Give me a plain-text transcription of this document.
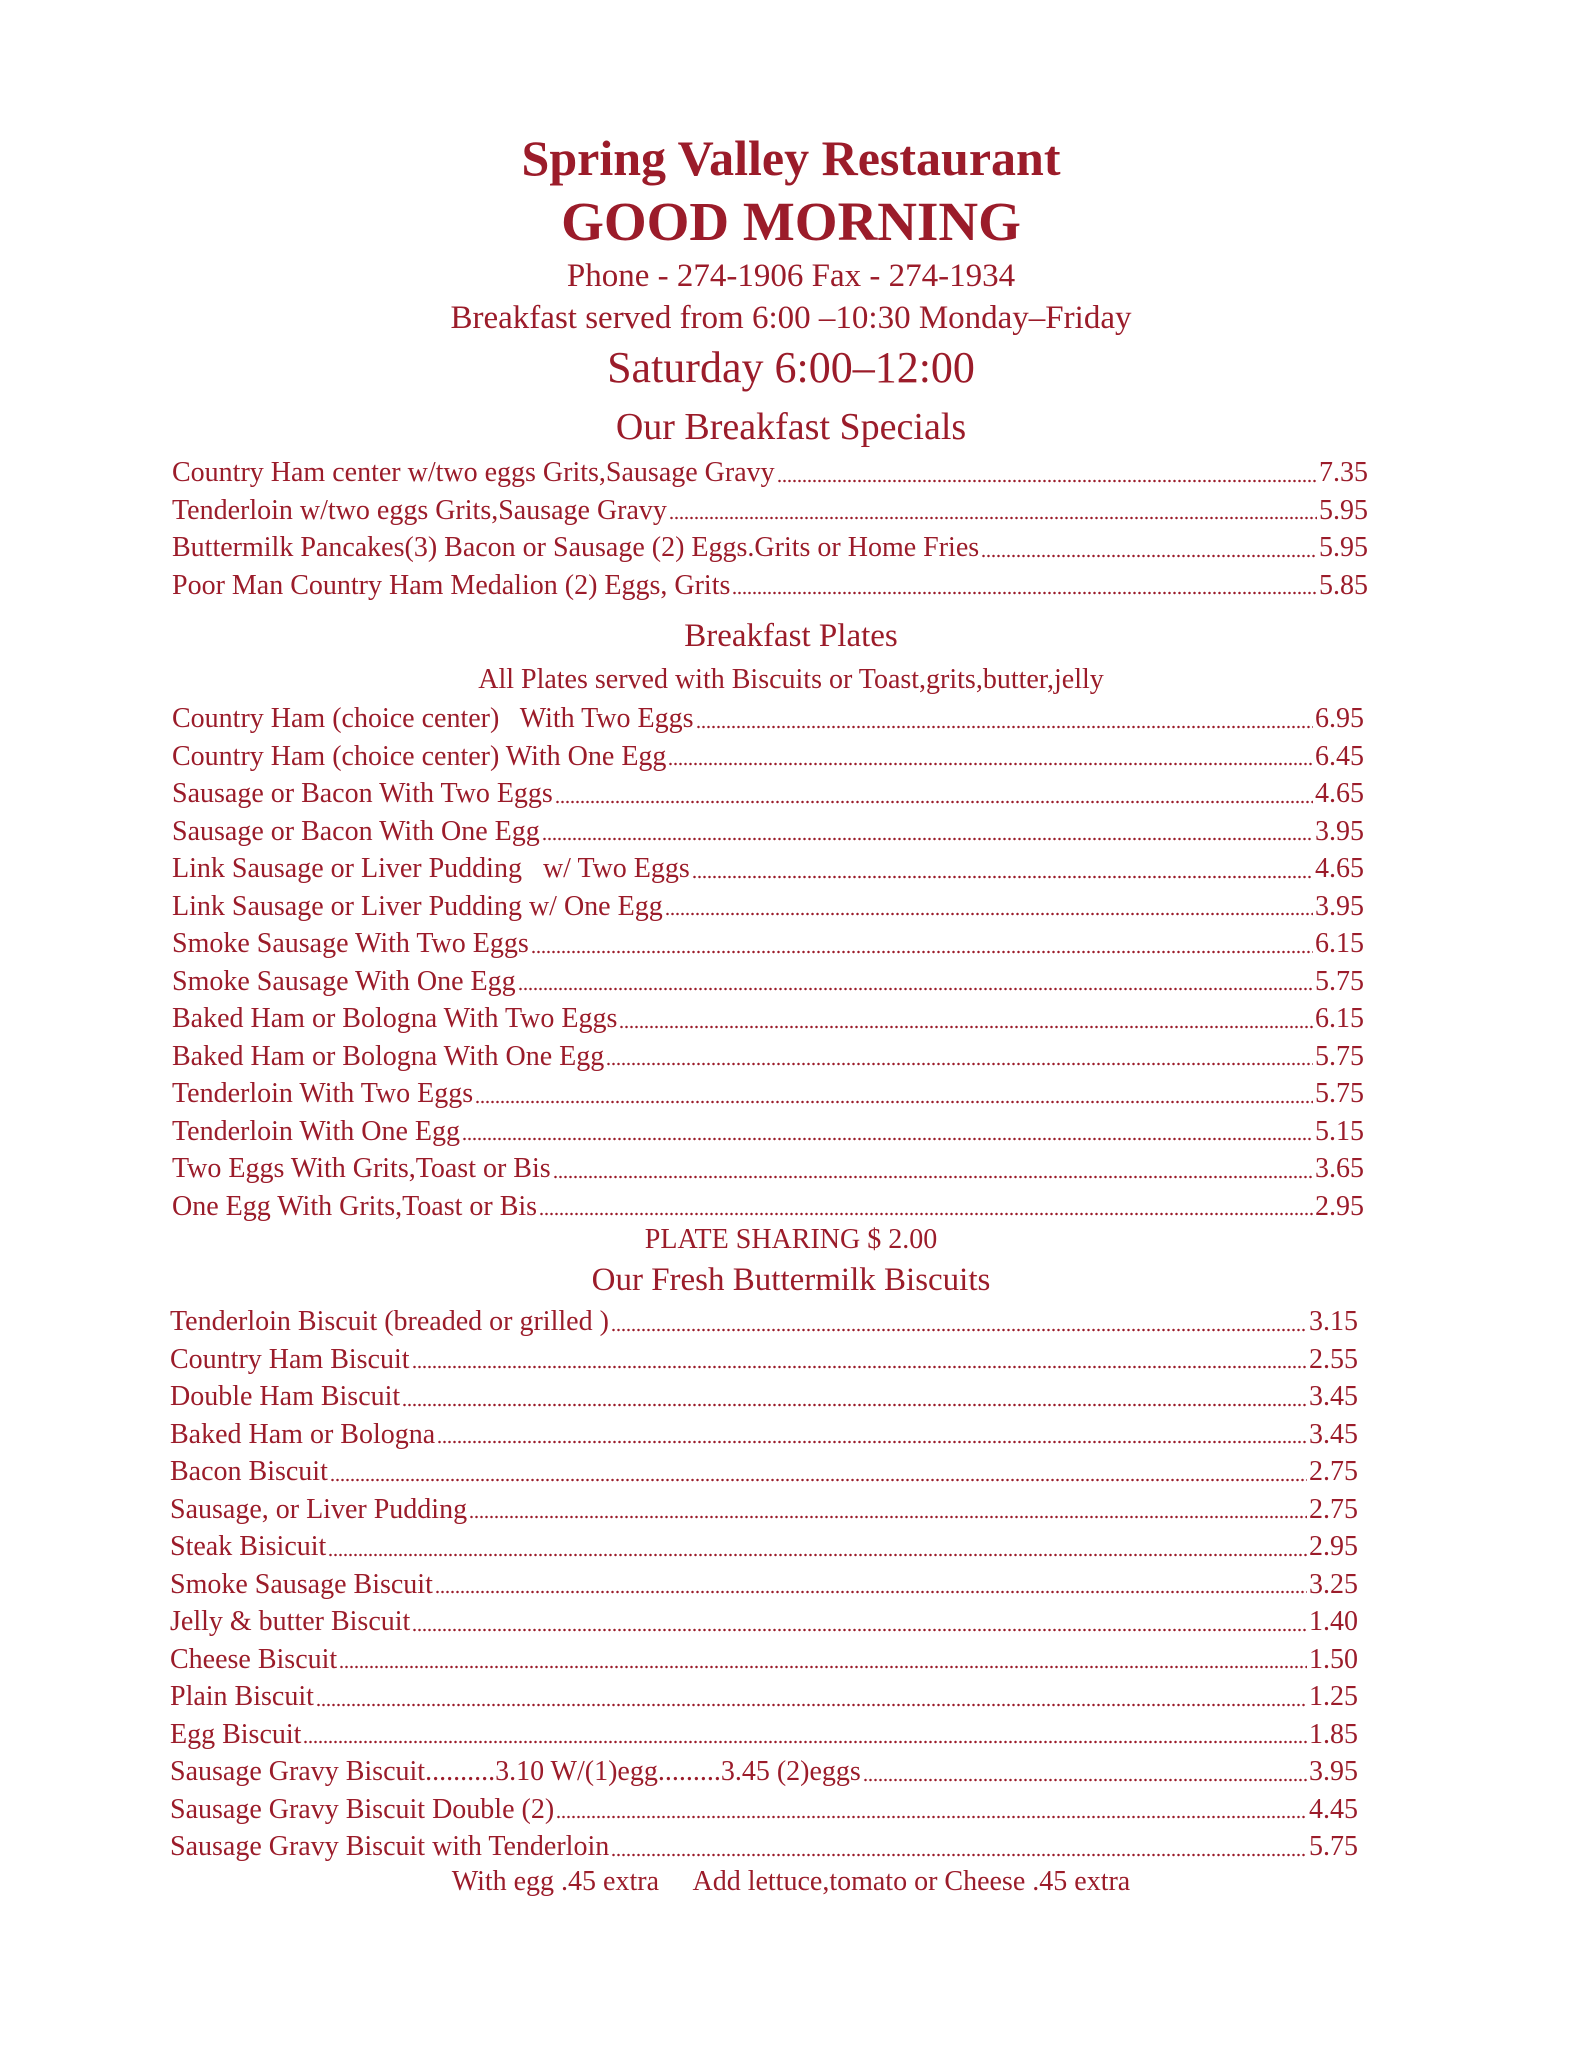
Spring Valley Restaurant
GOOD MORNING
Phone - 274-1906 Fax - 274-1934
Breakfast served from 6:00 –10:30 Monday–Friday
Saturday 6:00–12:00
Our Breakfast Specials
Country Ham center w/two eggs Grits,Sausage Gravy	7.35
Tenderloin w/two eggs Grits,Sausage Gravy	5.95
Buttermilk Pancakes(3) Bacon or Sausage (2) Eggs.Grits or Home Fries	5.95
Poor Man Country Ham Medalion (2) Eggs, Grits	5.85
Breakfast Plates
All Plates served with Biscuits or Toast,grits,butter,jelly
Country Ham (choice center)   With Two Eggs	6.95
Country Ham (choice center) With One Egg	6.45
Sausage or Bacon With Two Eggs	4.65
Sausage or Bacon With One Egg	3.95
Link Sausage or Liver Pudding   w/ Two Eggs	4.65
Link Sausage or Liver Pudding w/ One Egg	3.95
Smoke Sausage With Two Eggs	6.15
Smoke Sausage With One Egg	5.75
Baked Ham or Bologna With Two Eggs	6.15
Baked Ham or Bologna With One Egg	5.75
Tenderloin With Two Eggs	5.75
Tenderloin With One Egg	5.15
Two Eggs With Grits,Toast or Bis	3.65
One Egg With Grits,Toast or Bis	2.95
PLATE SHARING $ 2.00
Our Fresh Buttermilk Biscuits
Tenderloin Biscuit (breaded or grilled )	3.15
Country Ham Biscuit	2.55
Double Ham Biscuit	3.45
Baked Ham or Bologna	3.45
Bacon Biscuit	2.75
Sausage, or Liver Pudding	2.75
Steak Bisicuit	2.95
Smoke Sausage Biscuit	3.25
Jelly & butter Biscuit	1.40
Cheese Biscuit	1.50
Plain Biscuit	1.25
Egg Biscuit	1.85
Sausage Gravy Biscuit..........3.10 W/(1)egg.........3.45 (2)eggs	3.95
Sausage Gravy Biscuit Double (2)	4.45
Sausage Gravy Biscuit with Tenderloin	5.75
With egg .45 extra     Add lettuce,tomato or Cheese .45 extra
